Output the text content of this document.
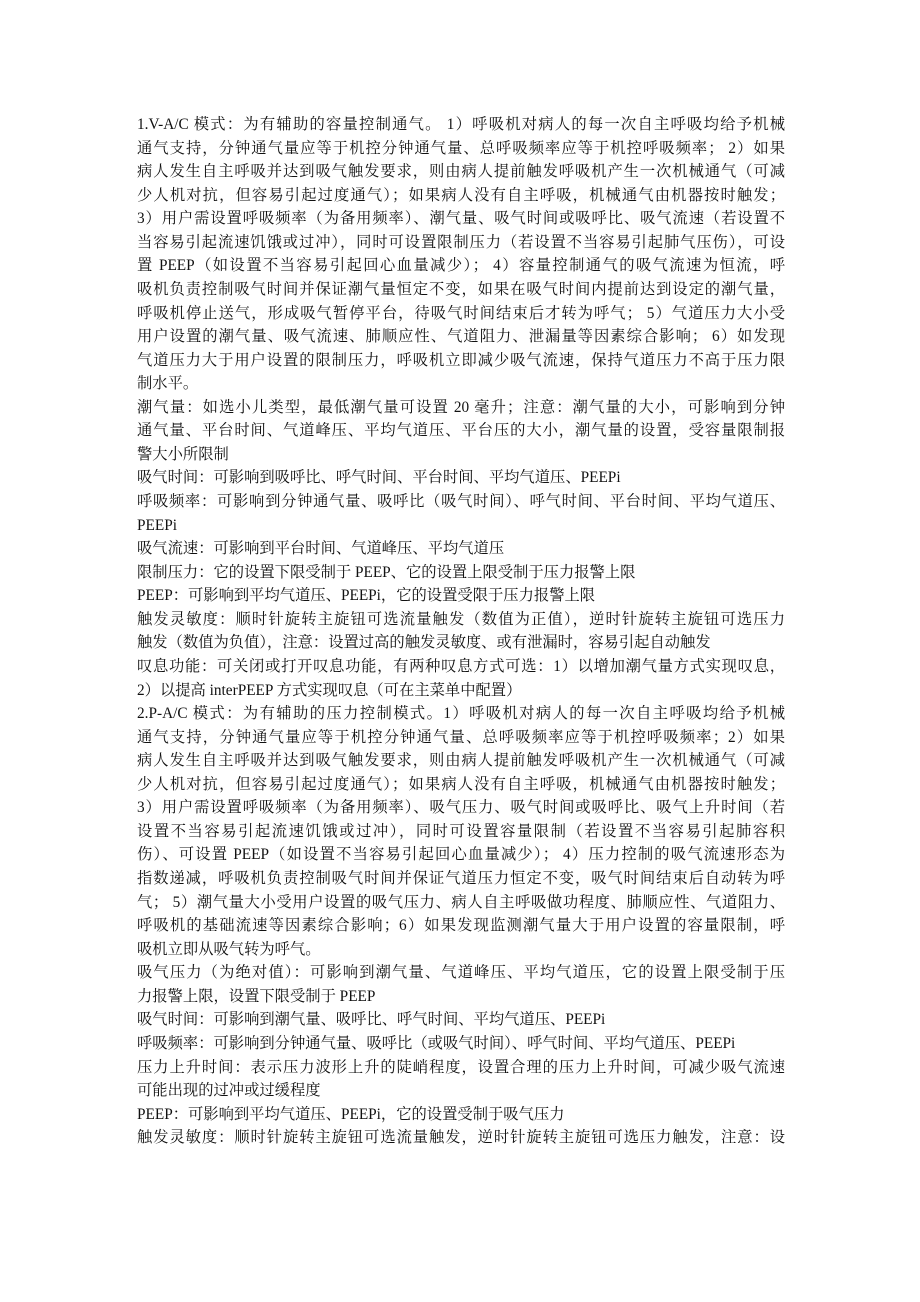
1.V-A/C 模式：为有辅助的容量控制通气。 1）呼吸机对病人的每一次自主呼吸均给予机械
通气支持，分钟通气量应等于机控分钟通气量、总呼吸频率应等于机控呼吸频率； 2）如果
病人发生自主呼吸并达到吸气触发要求，则由病人提前触发呼吸机产生一次机械通气（可减
少人机对抗，但容易引起过度通气）；如果病人没有自主呼吸，机械通气由机器按时触发；
3）用户需设置呼吸频率（为备用频率）、潮气量、吸气时间或吸呼比、吸气流速（若设置不
当容易引起流速饥饿或过冲），同时可设置限制压力（若设置不当容易引起肺气压伤），可设
置 PEEP（如设置不当容易引起回心血量减少）； 4）容量控制通气的吸气流速为恒流，呼
吸机负责控制吸气时间并保证潮气量恒定不变，如果在吸气时间内提前达到设定的潮气量，
呼吸机停止送气，形成吸气暂停平台，待吸气时间结束后才转为呼气； 5）气道压力大小受
用户设置的潮气量、吸气流速、肺顺应性、气道阻力、泄漏量等因素综合影响； 6）如发现
气道压力大于用户设置的限制压力，呼吸机立即减少吸气流速，保持气道压力不高于压力限
制水平。
潮气量：如选小儿类型，最低潮气量可设置 20 毫升；注意：潮气量的大小，可影响到分钟
通气量、平台时间、气道峰压、平均气道压、平台压的大小，潮气量的设置，受容量限制报
警大小所限制
吸气时间：可影响到吸呼比、呼气时间、平台时间、平均气道压、PEEPi
呼吸频率：可影响到分钟通气量、吸呼比（吸气时间）、呼气时间、平台时间、平均气道压、
PEEPi
吸气流速：可影响到平台时间、气道峰压、平均气道压
限制压力：它的设置下限受制于 PEEP、它的设置上限受制于压力报警上限
PEEP：可影响到平均气道压、PEEPi，它的设置受限于压力报警上限
触发灵敏度：顺时针旋转主旋钮可选流量触发（数值为正值），逆时针旋转主旋钮可选压力
触发（数值为负值），注意：设置过高的触发灵敏度、或有泄漏时，容易引起自动触发
叹息功能：可关闭或打开叹息功能，有两种叹息方式可选：1）以增加潮气量方式实现叹息，
2）以提高 interPEEP 方式实现叹息（可在主菜单中配置）
2.P-A/C 模式：为有辅助的压力控制模式。1）呼吸机对病人的每一次自主呼吸均给予机械
通气支持，分钟通气量应等于机控分钟通气量、总呼吸频率应等于机控呼吸频率；2）如果
病人发生自主呼吸并达到吸气触发要求，则由病人提前触发呼吸机产生一次机械通气（可减
少人机对抗，但容易引起过度通气）；如果病人没有自主呼吸，机械通气由机器按时触发；
3）用户需设置呼吸频率（为备用频率）、吸气压力、吸气时间或吸呼比、吸气上升时间（若
设置不当容易引起流速饥饿或过冲），同时可设置容量限制（若设置不当容易引起肺容积
伤）、可设置 PEEP（如设置不当容易引起回心血量减少）； 4）压力控制的吸气流速形态为
指数递减，呼吸机负责控制吸气时间并保证气道压力恒定不变，吸气时间结束后自动转为呼
气； 5）潮气量大小受用户设置的吸气压力、病人自主呼吸做功程度、肺顺应性、气道阻力、
呼吸机的基础流速等因素综合影响；6）如果发现监测潮气量大于用户设置的容量限制，呼
吸机立即从吸气转为呼气。
吸气压力（为绝对值）：可影响到潮气量、气道峰压、平均气道压，它的设置上限受制于压
力报警上限，设置下限受制于 PEEP
吸气时间：可影响到潮气量、吸呼比、呼气时间、平均气道压、PEEPi
呼吸频率：可影响到分钟通气量、吸呼比（或吸气时间）、呼气时间、平均气道压、PEEPi
压力上升时间：表示压力波形上升的陡峭程度，设置合理的压力上升时间，可减少吸气流速
可能出现的过冲或过缓程度
PEEP：可影响到平均气道压、PEEPi，它的设置受制于吸气压力
触发灵敏度：顺时针旋转主旋钮可选流量触发，逆时针旋转主旋钮可选压力触发，注意：设
